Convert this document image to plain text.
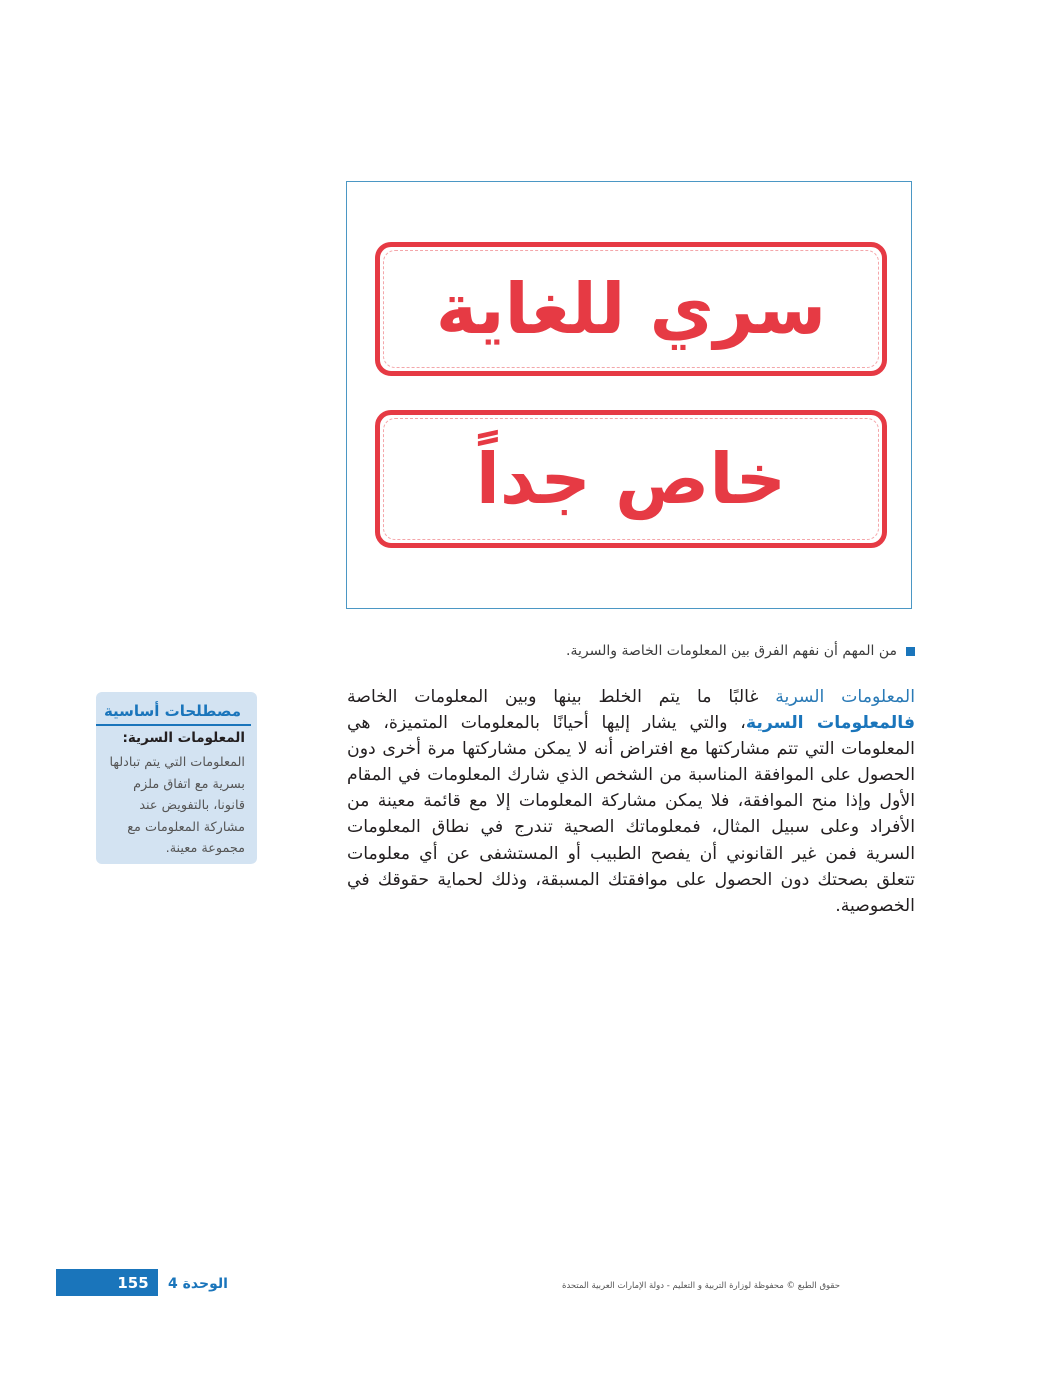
سري للغاية
خاص جداً
من المهم أن نفهم الفرق بين المعلومات الخاصة والسرية.
المعلومات السرية غالبًا ما يتم الخلط بينها وبين المعلومات الخاصة فالمعلومات السرية، والتي يشار إليها أحيانًا بالمعلومات المتميزة، هي المعلومات التي تتم مشاركتها مع افتراض أنه لا يمكن مشاركتها مرة أخرى دون الحصول على الموافقة المناسبة من الشخص الذي شارك المعلومات في المقام الأول وإذا منح الموافقة، فلا يمكن مشاركة المعلومات إلا مع قائمة معينة من الأفراد وعلى سبيل المثال، فمعلوماتك الصحية تندرج في نطاق المعلومات السرية فمن غير القانوني أن يفصح الطبيب أو المستشفى عن أي معلومات تتعلق بصحتك دون الحصول على موافقتك المسبقة، وذلك لحماية حقوقك في الخصوصية.
مصطلحات أساسية
المعلومات السرية:
المعلومات التي يتم تبادلها بسرية مع اتفاق ملزم قانونا، بالتفويض عند مشاركة المعلومات مع مجموعة معينة.
155	الوحدة 4	حقوق الطبع © محفوظة لوزارة التربية و التعليم - دولة الإمارات العربية المتحدة
